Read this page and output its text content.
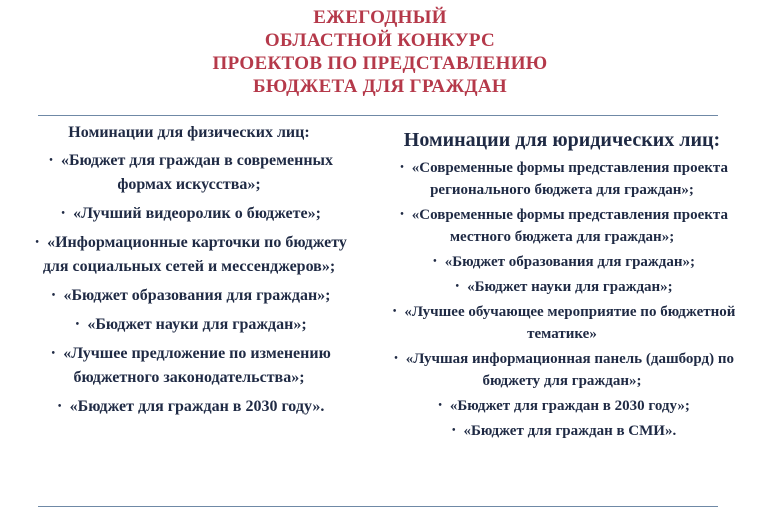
ЕЖЕГОДНЫЙ
ОБЛАСТНОЙ КОНКУРС
ПРОЕКТОВ ПО ПРЕДСТАВЛЕНИЮ
БЮДЖЕТА ДЛЯ ГРАЖДАН
Номинации для физических лиц:
• «Бюджет для граждан в современных формах искусства»;
• «Лучший видеоролик о бюджете»;
• «Информационные карточки по бюджету для социальных сетей и мессенджеров»;
• «Бюджет образования для граждан»;
• «Бюджет науки для граждан»;
• «Лучшее предложение по изменению бюджетного законодательства»;
• «Бюджет для граждан в 2030 году».
Номинации для юридических лиц:
• «Современные формы представления проекта регионального бюджета для граждан»;
• «Современные формы представления проекта местного бюджета для граждан»;
• «Бюджет образования для граждан»;
• «Бюджет науки для граждан»;
• «Лучшее обучающее мероприятие по бюджетной тематике»
• «Лучшая информационная панель (дашборд) по бюджету для граждан»;
• «Бюджет для граждан в 2030 году»;
• «Бюджет для граждан в СМИ».
